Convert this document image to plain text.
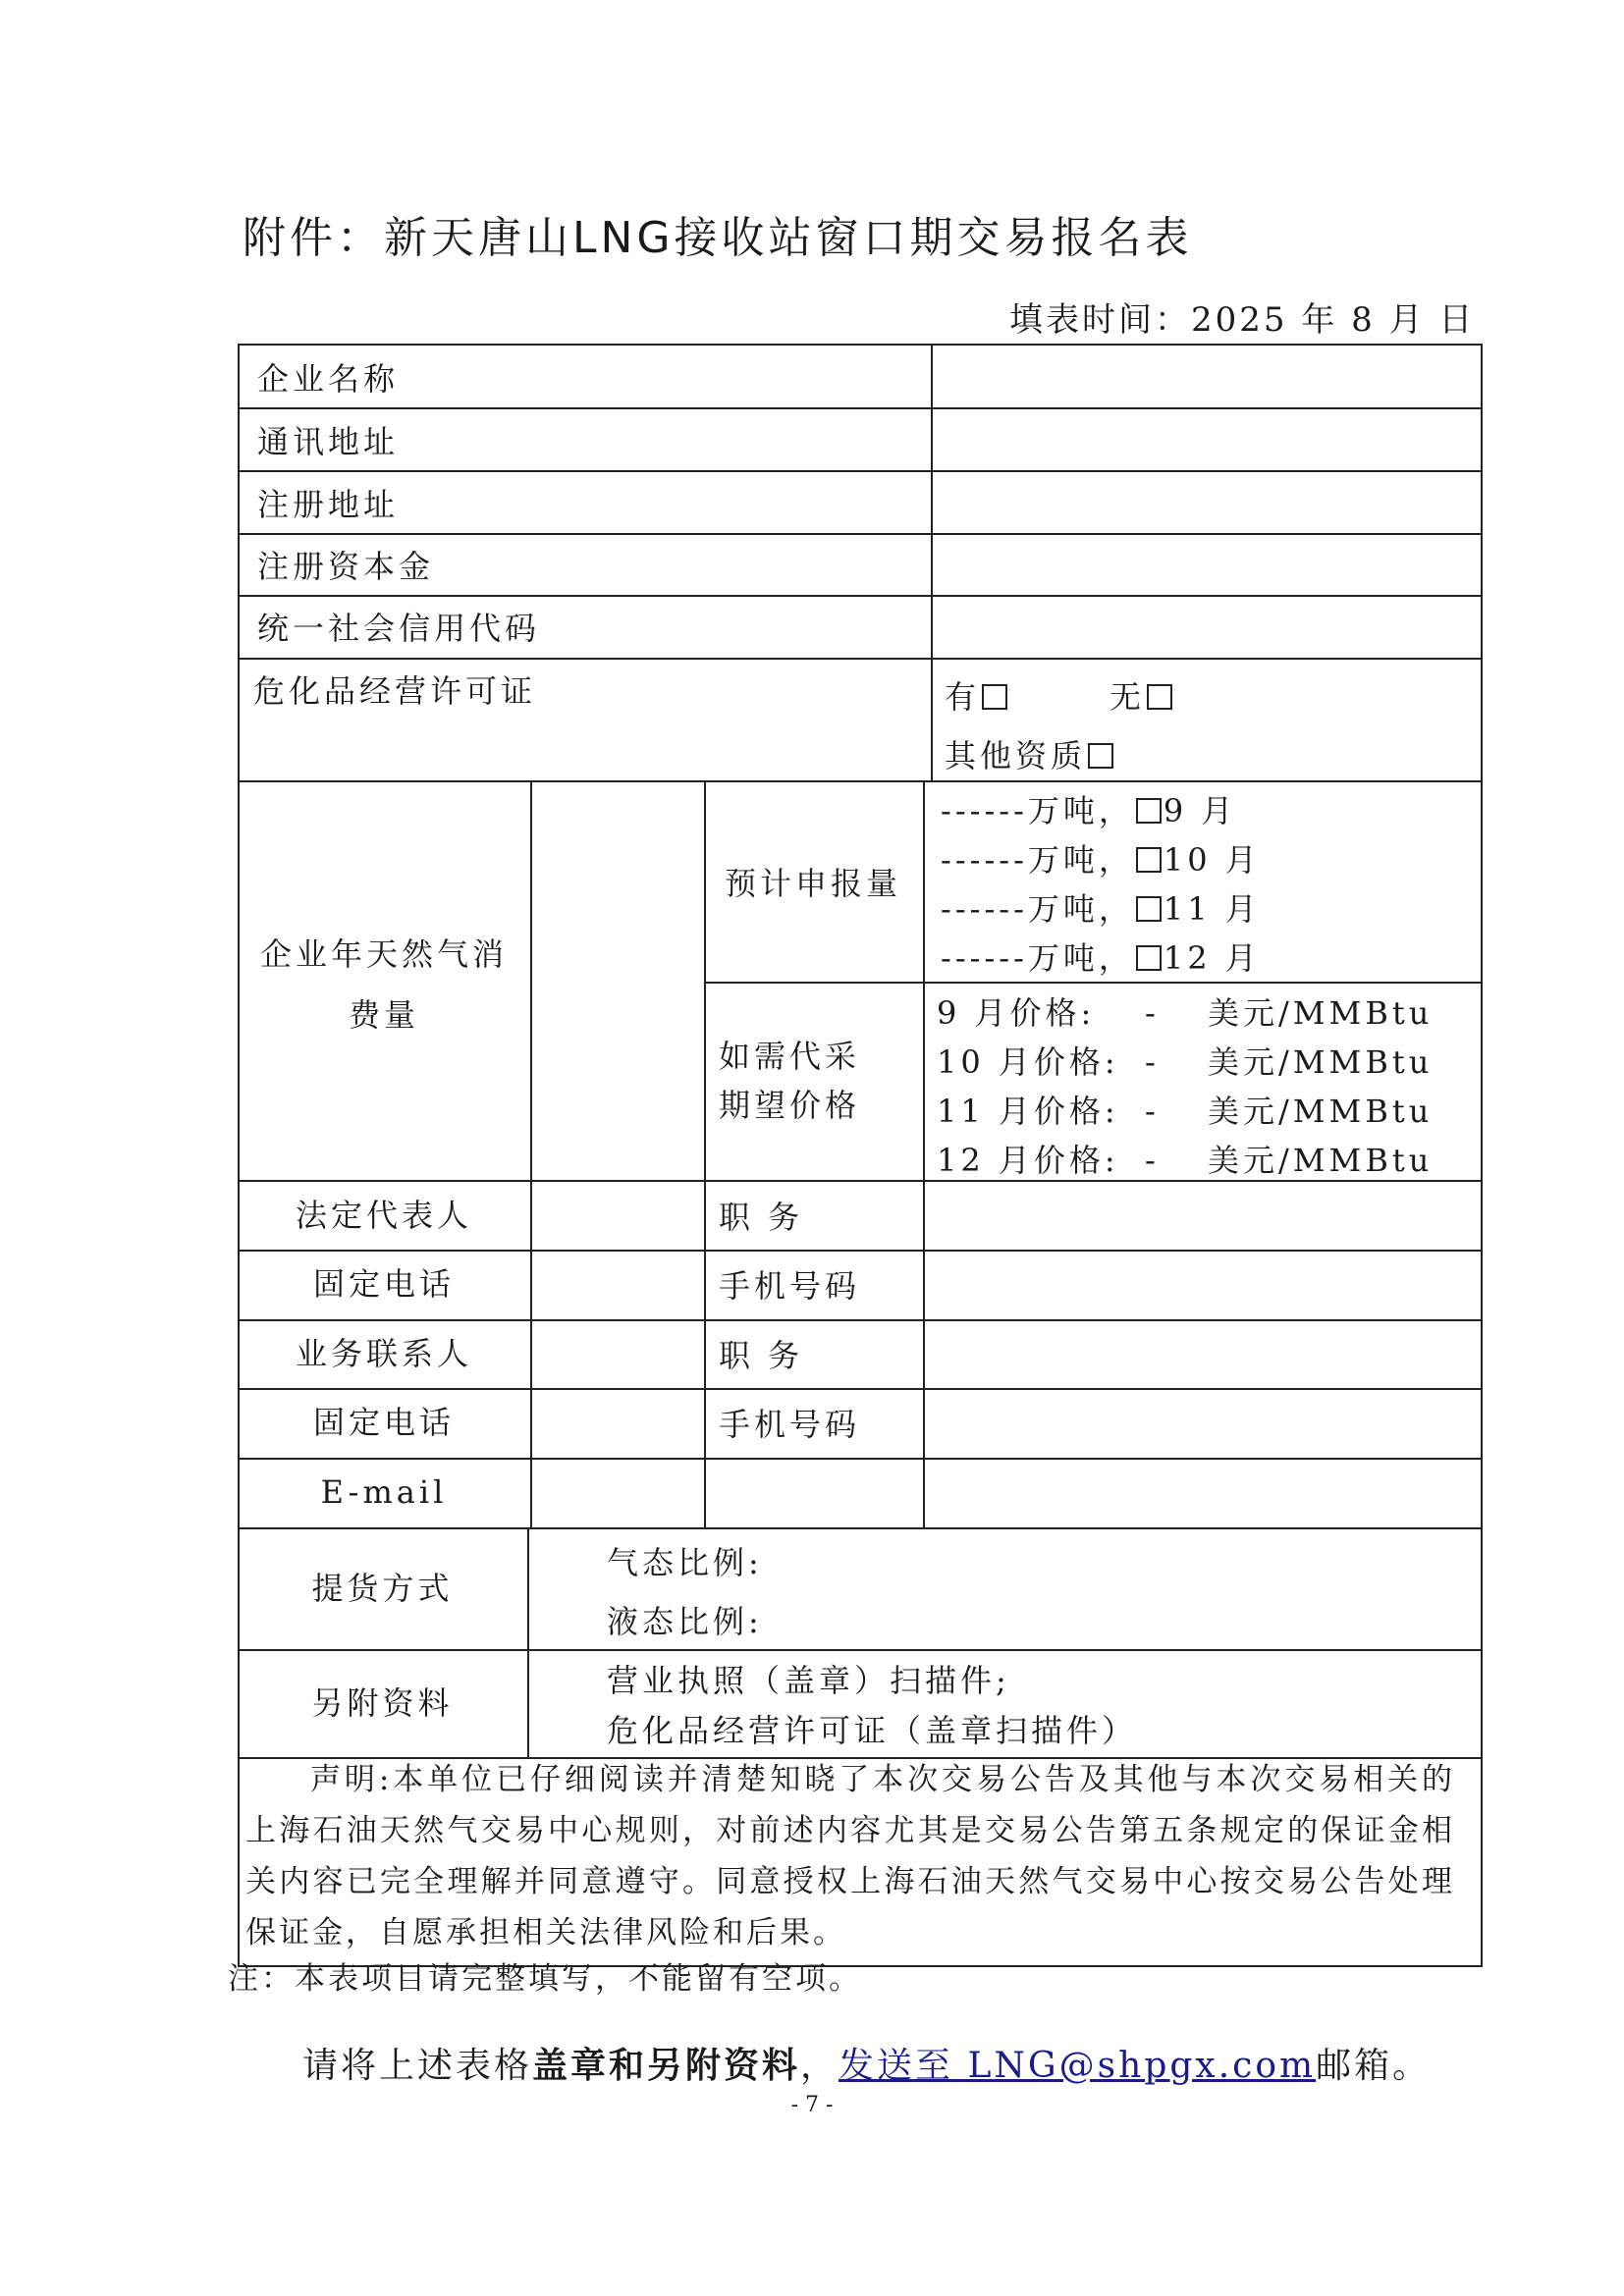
附件：新天唐山LNG接收站窗口期交易报名表
填表时间：2025 年 8 月 日
企业名称
通讯地址
注册地址
注册资本金
统一社会信用代码
危化品经营许可证	有	无
其他资质
企业年天然气消
费量
预计申报量
------万吨， 9 月
------万吨， 10 月
------万吨， 11 月
------万吨， 12 月
如需代采
期望价格
9 月价格: - 美元/MMBtu
10 月价格: - 美元/MMBtu
11 月价格: - 美元/MMBtu
12 月价格: - 美元/MMBtu
法定代表人	职 务
固定电话	手机号码
业务联系人	职 务
固定电话	手机号码
E-mail
提货方式
气态比例:
液态比例:
另附资料
营业执照（盖章）扫描件;
危化品经营许可证（盖章扫描件）
声明:本单位已仔细阅读并清楚知晓了本次交易公告及其他与本次交易相关的上海石油天然气交易中心规则，对前述内容尤其是交易公告第五条规定的保证金相关内容已完全理解并同意遵守。同意授权上海石油天然气交易中心按交易公告处理保证金，自愿承担相关法律风险和后果。
注：本表项目请完整填写，不能留有空项。
请将上述表格盖章和另附资料，发送至 LNG@shpgx.com邮箱。
- 7 -
